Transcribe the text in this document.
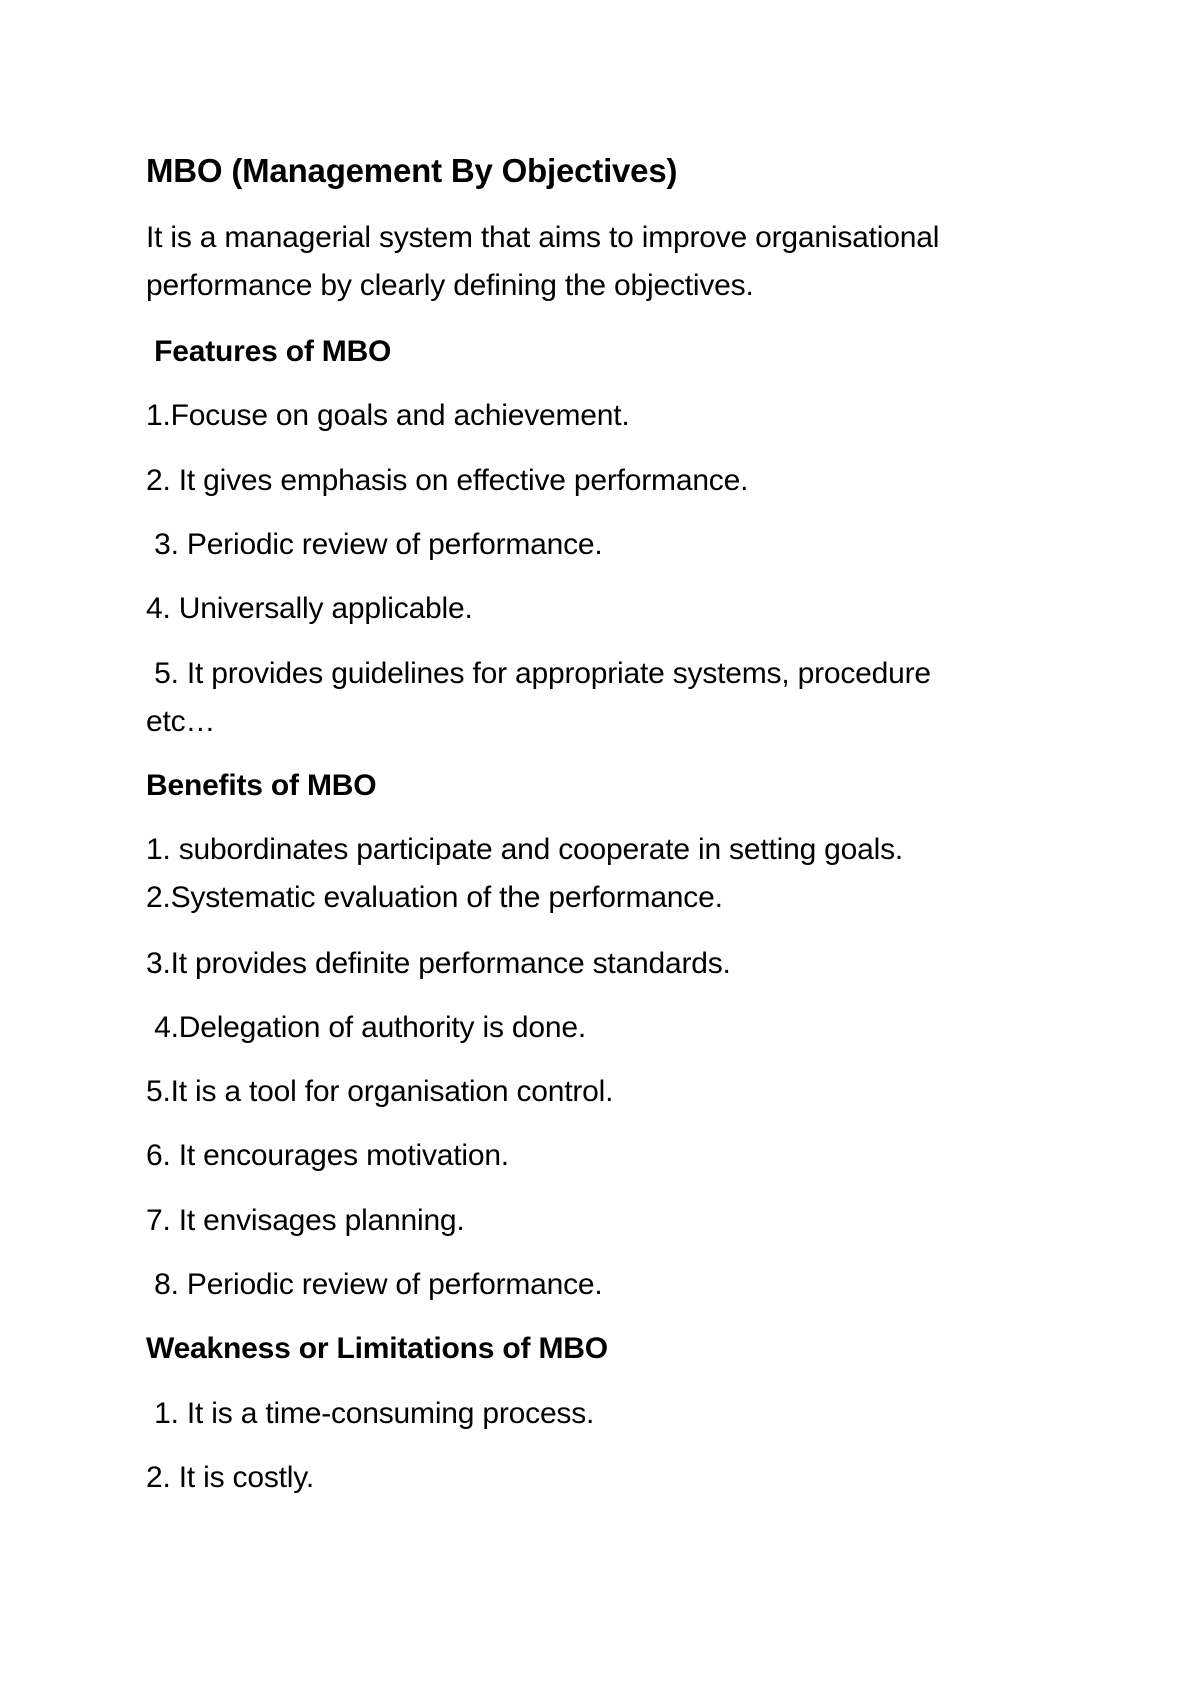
MBO (Management By Objectives)
It is a managerial system that aims to improve organisational
performance by clearly defining the objectives.
Features of MBO
1.Focuse on goals and achievement.
2. It gives emphasis on effective performance.
3. Periodic review of performance.
4. Universally applicable.
5. It provides guidelines for appropriate systems, procedure
etc…
Benefits of MBO
1. subordinates participate and cooperate in setting goals.
2.Systematic evaluation of the performance.
3.It provides definite performance standards.
4.Delegation of authority is done.
5.It is a tool for organisation control.
6. It encourages motivation.
7. It envisages planning.
8. Periodic review of performance.
Weakness or Limitations of MBO
1. It is a time-consuming process.
2. It is costly.
